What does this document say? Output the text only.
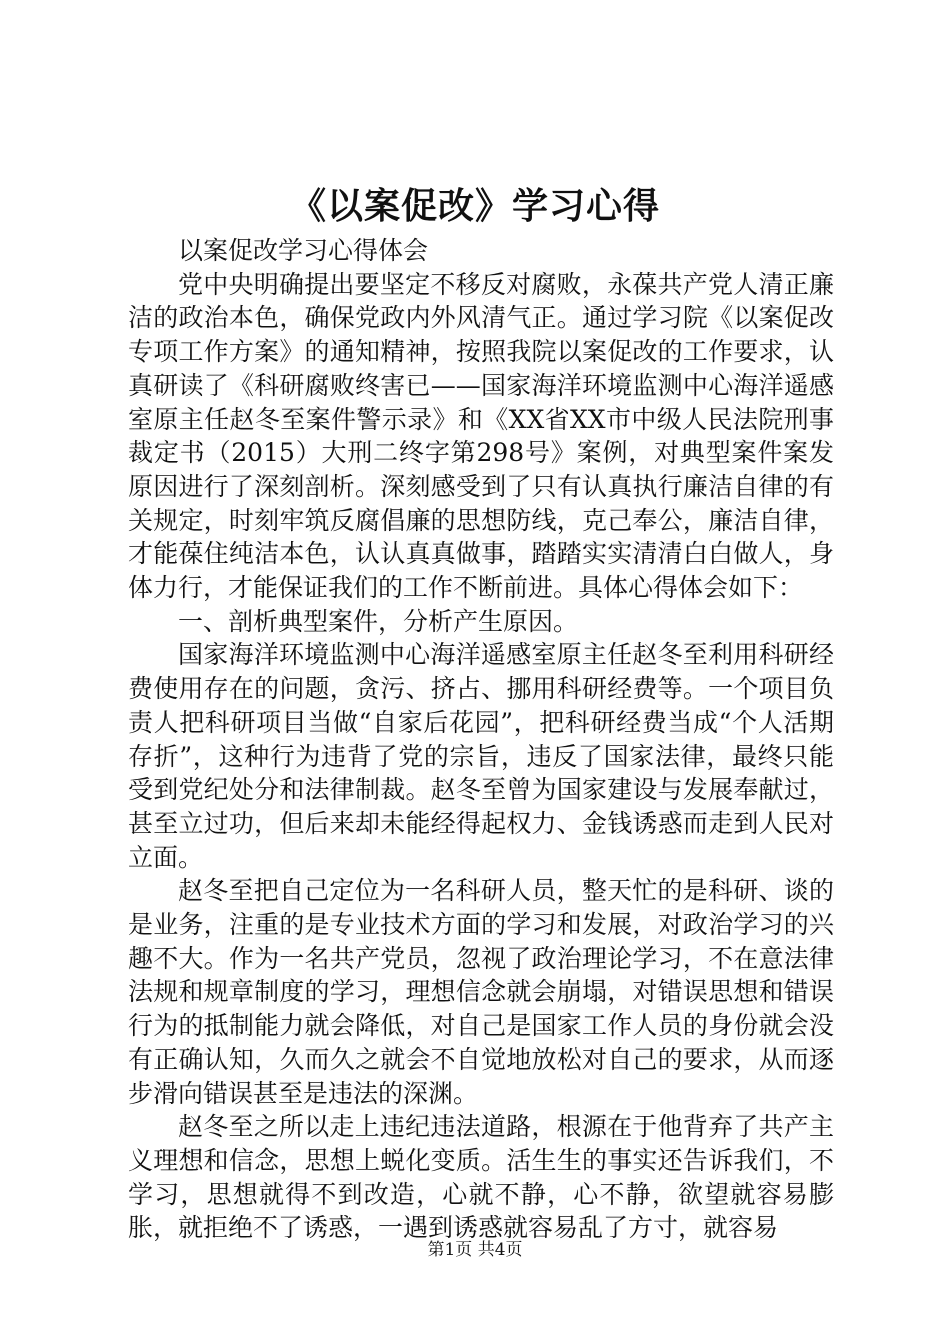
《以案促改》学习心得

以案促改学习心得体会

党中央明确提出要坚定不移反对腐败，永葆共产党人清正廉洁的政治本色，确保党政内外风清气正。通过学习院《以案促改专项工作方案》的通知精神，按照我院以案促改的工作要求，认真研读了《科研腐败终害已——国家海洋环境监测中心海洋遥感室原主任赵冬至案件警示录》和《XX省XX市中级人民法院刑事裁定书（2015）大刑二终字第298号》案例，对典型案件案发原因进行了深刻剖析。深刻感受到了只有认真执行廉洁自律的有关规定，时刻牢筑反腐倡廉的思想防线，克己奉公，廉洁自律，才能葆住纯洁本色，认认真真做事，踏踏实实清清白白做人，身体力行，才能保证我们的工作不断前进。具体心得体会如下：

一、剖析典型案件，分析产生原因。

国家海洋环境监测中心海洋遥感室原主任赵冬至利用科研经费使用存在的问题，贪污、挤占、挪用科研经费等。一个项目负责人把科研项目当做“自家后花园”，把科研经费当成“个人活期存折”，这种行为违背了党的宗旨，违反了国家法律，最终只能受到党纪处分和法律制裁。赵冬至曾为国家建设与发展奉献过，甚至立过功，但后来却未能经得起权力、金钱诱惑而走到人民对立面。

赵冬至把自己定位为一名科研人员，整天忙的是科研、谈的是业务，注重的是专业技术方面的学习和发展，对政治学习的兴趣不大。作为一名共产党员，忽视了政治理论学习，不在意法律法规和规章制度的学习，理想信念就会崩塌，对错误思想和错误行为的抵制能力就会降低，对自己是国家工作人员的身份就会没有正确认知，久而久之就会不自觉地放松对自己的要求，从而逐步滑向错误甚至是违法的深渊。

赵冬至之所以走上违纪违法道路，根源在于他背弃了共产主义理想和信念，思想上蜕化变质。活生生的事实还告诉我们，不学习，思想就得不到改造，心就不静，心不静，欲望就容易膨胀，就拒绝不了诱惑，一遇到诱惑就容易乱了方寸，就容易

第1页 共4页
